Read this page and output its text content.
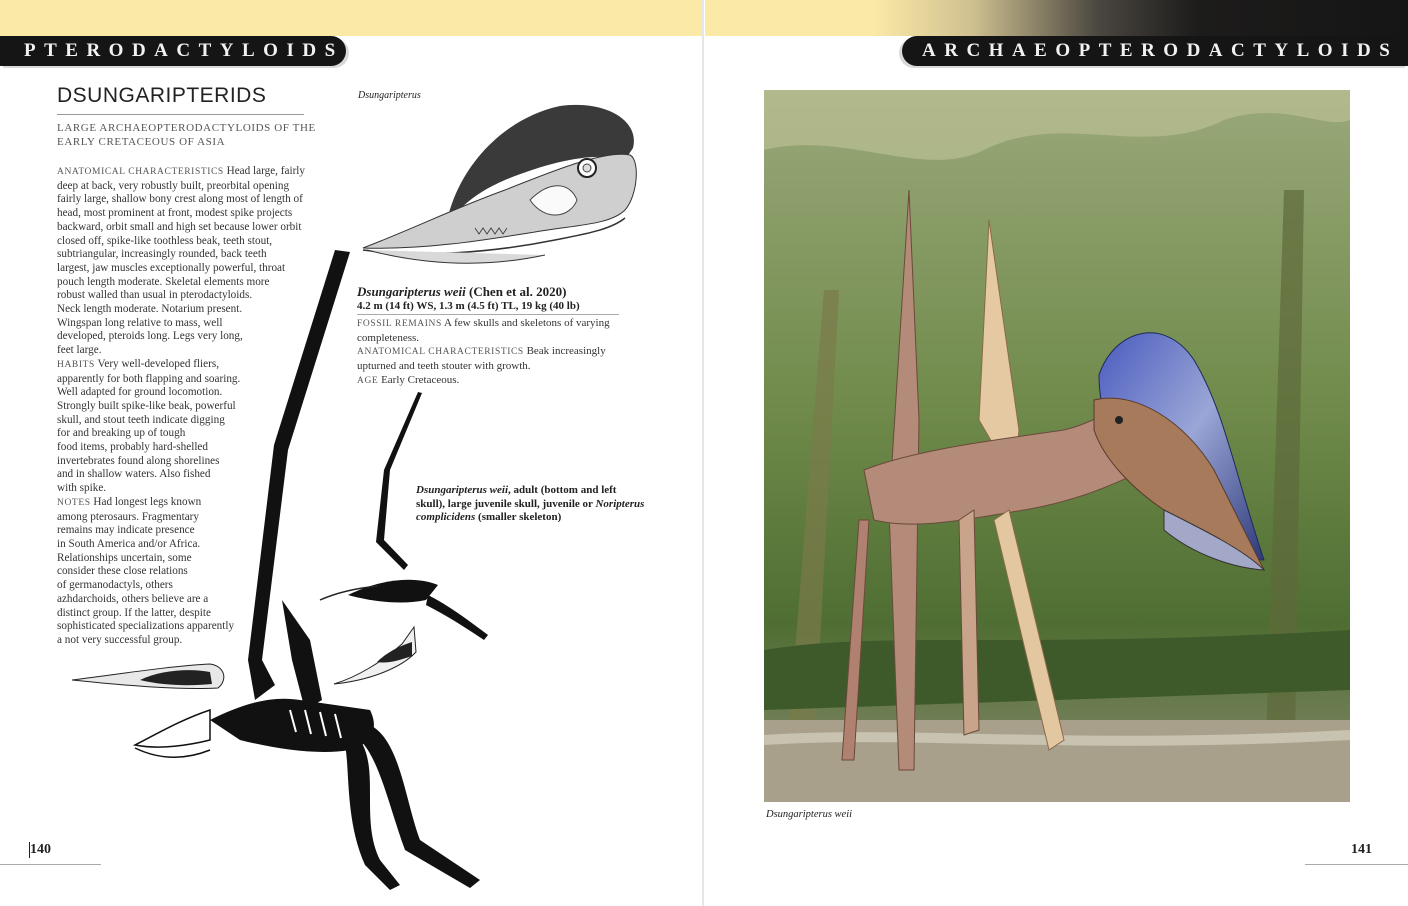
PTERODACTYLOIDS	ARCHAEOPTERODACTYLOIDS
DSUNGARIPTERIDS
LARGE ARCHAEOPTERODACTYLOIDS OF THE EARLY CRETACEOUS OF ASIA
ANATOMICAL CHARACTERISTICS Head large, fairly
deep at back, very robustly built, preorbital opening
fairly large, shallow bony crest along most of length of
head, most prominent at front, modest spike projects
backward, orbit small and high set because lower orbit
closed off, spike-like toothless beak, teeth stout,
subtriangular, increasingly rounded, back teeth
largest, jaw muscles exceptionally powerful, throat
pouch length moderate. Skeletal elements more
robust walled than usual in pterodactyloids.
Neck length moderate. Notarium present.
Wingspan long relative to mass, well
developed, pteroids long. Legs very long,
feet large.
HABITS Very well-developed fliers,
apparently for both flapping and soaring.
Well adapted for ground locomotion.
Strongly built spike-like beak, powerful
skull, and stout teeth indicate digging
for and breaking up of tough
food items, probably hard-shelled
invertebrates found along shorelines
and in shallow waters. Also fished
with spike.
NOTES Had longest legs known
among pterosaurs. Fragmentary
remains may indicate presence
in South America and/or Africa.
Relationships uncertain, some
consider these close relations
of germanodactyls, others
azhdarchoids, others believe are a
distinct group. If the latter, despite
sophisticated specializations apparently
a not very successful group.
Dsungaripterus
Dsungaripterus weii (Chen et al. 2020)
4.2 m (14 ft) WS, 1.3 m (4.5 ft) TL, 19 kg (40 lb)
FOSSIL REMAINS A few skulls and skeletons of varying
completeness.
ANATOMICAL CHARACTERISTICS Beak increasingly
upturned and teeth stouter with growth.
AGE Early Cretaceous.
Dsungaripterus weii, adult (bottom and left skull), large juvenile skull, juvenile or Noripterus complicidens (smaller skeleton)
140
Dsungaripterus weii
141
